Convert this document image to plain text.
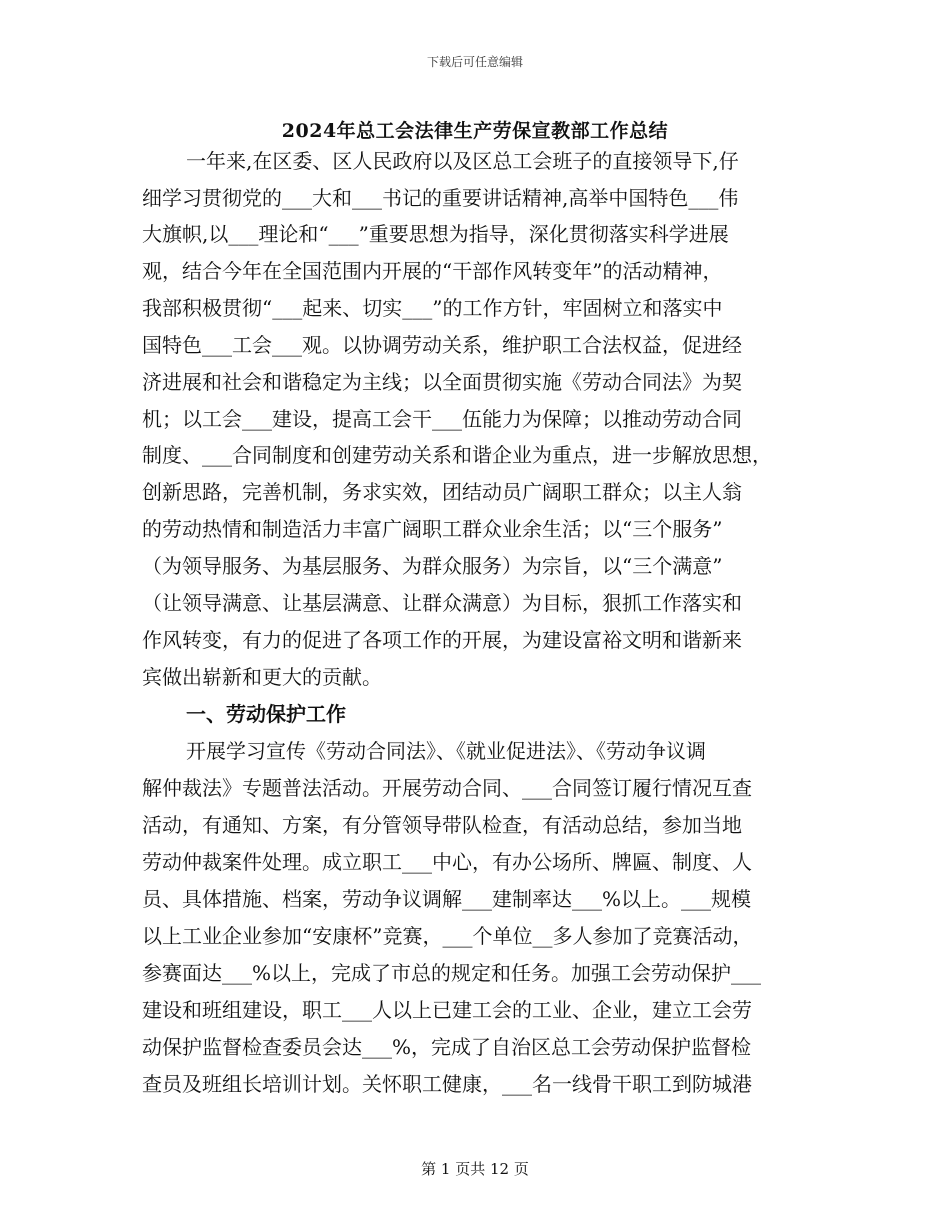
下载后可任意编辑
2024年总工会法律生产劳保宣教部工作总结
一年来,在区委、区人民政府以及区总工会班子的直接领导下,仔
细学习贯彻党的___大和___书记的重要讲话精神,高举中国特色___伟
大旗帜,以___理论和“___”重要思想为指导，深化贯彻落实科学进展
观，结合今年在全国范围内开展的“干部作风转变年”的活动精神，
我部积极贯彻“___起来、切实___”的工作方针，牢固树立和落实中
国特色___工会___观。以协调劳动关系，维护职工合法权益，促进经
济进展和社会和谐稳定为主线；以全面贯彻实施《劳动合同法》为契
机；以工会___建设，提高工会干___伍能力为保障；以推动劳动合同
制度、___合同制度和创建劳动关系和谐企业为重点，进一步解放思想，
创新思路，完善机制，务求实效，团结动员广阔职工群众；以主人翁
的劳动热情和制造活力丰富广阔职工群众业余生活；以“三个服务”
（为领导服务、为基层服务、为群众服务）为宗旨，以“三个满意”
（让领导满意、让基层满意、让群众满意）为目标，狠抓工作落实和
作风转变，有力的促进了各项工作的开展，为建设富裕文明和谐新来
宾做出崭新和更大的贡献。
一、劳动保护工作
开展学习宣传《劳动合同法》、《就业促进法》、《劳动争议调
解仲裁法》专题普法活动。开展劳动合同、___合同签订履行情况互查
活动，有通知、方案，有分管领导带队检查，有活动总结，参加当地
劳动仲裁案件处理。成立职工___中心，有办公场所、牌匾、制度、人
员、具体措施、档案，劳动争议调解___建制率达___%以上。___规模
以上工业企业参加“安康杯”竞赛，___个单位__多人参加了竞赛活动，
参赛面达___%以上，完成了市总的规定和任务。加强工会劳动保护___
建设和班组建设，职工___人以上已建工会的工业、企业，建立工会劳
动保护监督检查委员会达___%，完成了自治区总工会劳动保护监督检
查员及班组长培训计划。关怀职工健康，___名一线骨干职工到防城港
第 1 页共 12 页
